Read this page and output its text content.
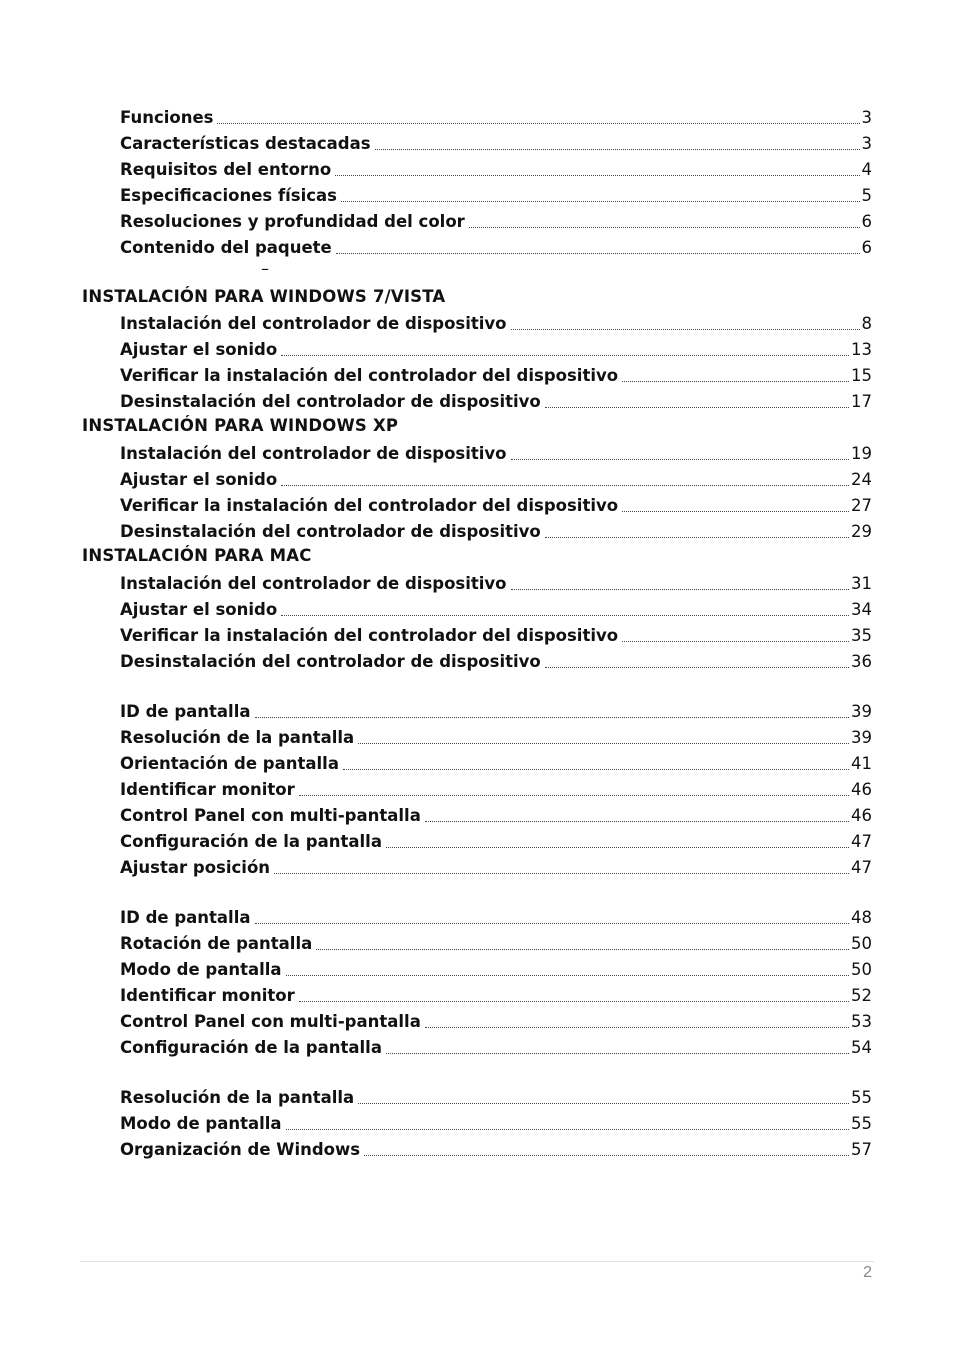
Funciones	3
Características destacadas	3
Requisitos del entorno	4
Especificaciones físicas	5
Resoluciones y profundidad del color	6
Contenido del paquete	6
–
INSTALACIÓN PARA WINDOWS 7/VISTA
Instalación del controlador de dispositivo	8
Ajustar el sonido	13
Verificar la instalación del controlador del dispositivo	15
Desinstalación del controlador de dispositivo	17
INSTALACIÓN PARA WINDOWS XP
Instalación del controlador de dispositivo	19
Ajustar el sonido	24
Verificar la instalación del controlador del dispositivo	27
Desinstalación del controlador de dispositivo	29
INSTALACIÓN PARA MAC
Instalación del controlador de dispositivo	31
Ajustar el sonido	34
Verificar la instalación del controlador del dispositivo	35
Desinstalación del controlador de dispositivo	36
ID de pantalla	39
Resolución de la pantalla	39
Orientación de pantalla	41
Identificar monitor	46
Control Panel con multi-pantalla	46
Configuración de la pantalla	47
Ajustar posición	47
ID de pantalla	48
Rotación de pantalla	50
Modo de pantalla	50
Identificar monitor	52
Control Panel con multi-pantalla	53
Configuración de la pantalla	54
Resolución de la pantalla	55
Modo de pantalla	55
Organización de Windows	57
2
